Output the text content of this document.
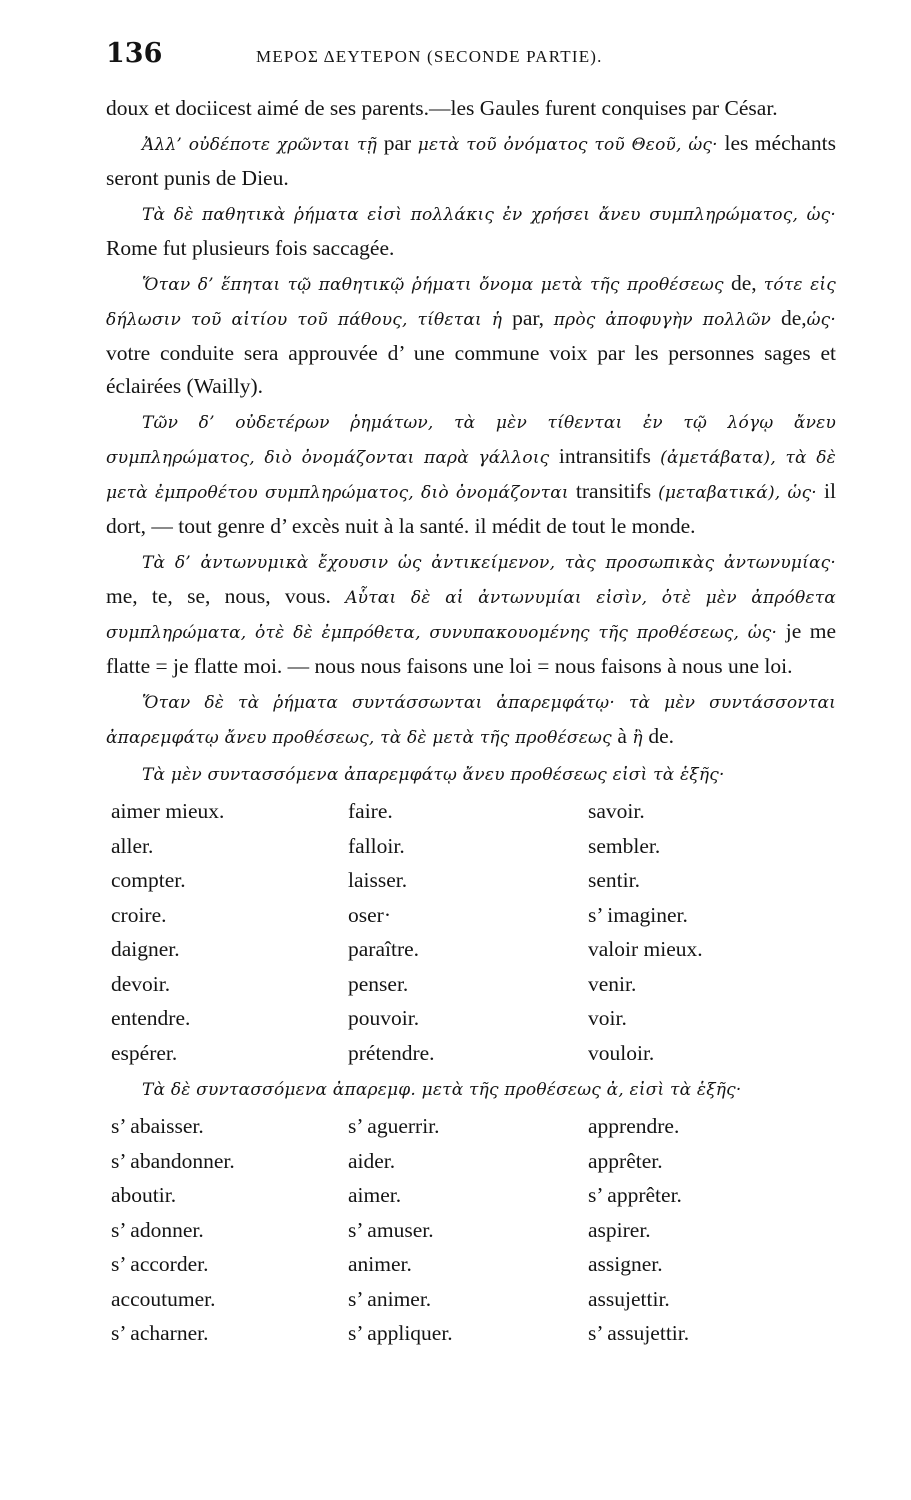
136	ΜΕΡΟΣ ΔΕΥΤΕΡΟΝ (SECONDE PARTIE).
doux et dociicest aimé de ses parents.—les Gaules furent conquises par César.
Ἀλλ’ οὐδέποτε χρῶνται τῇ par μετὰ τοῦ ὀνόματος τοῦ Θεοῦ, ὡς· les méchants seront punis de Dieu.
Τὰ δὲ παθητικὰ ῥήματα εἰσὶ πολλάκις ἐν χρήσει ἄνευ συμπληρώματος, ὡς· Rome fut plusieurs fois saccagée.
Ὅταν δ’ ἕπηται τῷ παθητικῷ ῥήματι ὄνομα μετὰ τῆς προθέσεως de, τότε εἰς δήλωσιν τοῦ αἰτίου τοῦ πάθους, τίθεται ἡ par, πρὸς ἀποφυγὴν πολλῶν de,ὡς· votre conduite sera approuvée d’ une commune voix par les personnes sages et éclairées (Wailly).
Τῶν δ’ οὐδετέρων ῥημάτων, τὰ μὲν τίθενται ἐν τῷ λόγῳ ἄνευ συμπληρώματος, διὸ ὀνομάζονται παρὰ γάλλοις intransitifs (ἀμετάβατα), τὰ δὲ μετὰ ἐμπροθέτου συμπληρώματος, διὸ ὀνομάζονται transitifs (μεταβατικά), ὡς· il dort, — tout genre d’ excès nuit à la santé. il médit de tout le monde.
Τὰ δ’ ἀντωνυμικὰ ἔχουσιν ὡς ἀντικείμενον, τὰς προσωπικὰς ἀντωνυμίας· me, te, se, nous, vous. Αὗται δὲ αἱ ἀντωνυμίαι εἰσὶν, ὁτὲ μὲν ἀπρόθετα συμπληρώματα, ὁτὲ δὲ ἐμπρόθετα, συνυπακουομένης τῆς προθέσεως, ὡς· je me flatte = je flatte moi. — nous nous faisons une loi = nous faisons à nous une loi.
Ὅταν δὲ τὰ ῥήματα συντάσσωνται ἀπαρεμφάτῳ· τὰ μὲν συντάσσονται ἀπαρεμφάτῳ ἄνευ προθέσεως, τὰ δὲ μετὰ τῆς προθέσεως à ἢ de.
Τὰ μὲν συντασσόμενα ἀπαρεμφάτῳ ἄνευ προθέσεως εἰσὶ τὰ ἑξῆς·
aimer mieux.	faire.	savoir.
aller.	falloir.	sembler.
compter.	laisser.	sentir.
croire.	oser·	s’ imaginer.
daigner.	paraître.	valoir mieux.
devoir.	penser.	venir.
entendre.	pouvoir.	voir.
espérer.	prétendre.	vouloir.
Τὰ δὲ συντασσόμενα ἀπαρεμφ. μετὰ τῆς προθέσεως ἀ, εἰσὶ τὰ ἑξῆς·
s’ abaisser.	s’ aguerrir.	apprendre.
s’ abandonner.	aider.	apprêter.
aboutir.	aimer.	s’ apprêter.
s’ adonner.	s’ amuser.	aspirer.
s’ accorder.	animer.	assigner.
accoutumer.	s’ animer.	assujettir.
s’ acharner.	s’ appliquer.	s’ assujettir.
